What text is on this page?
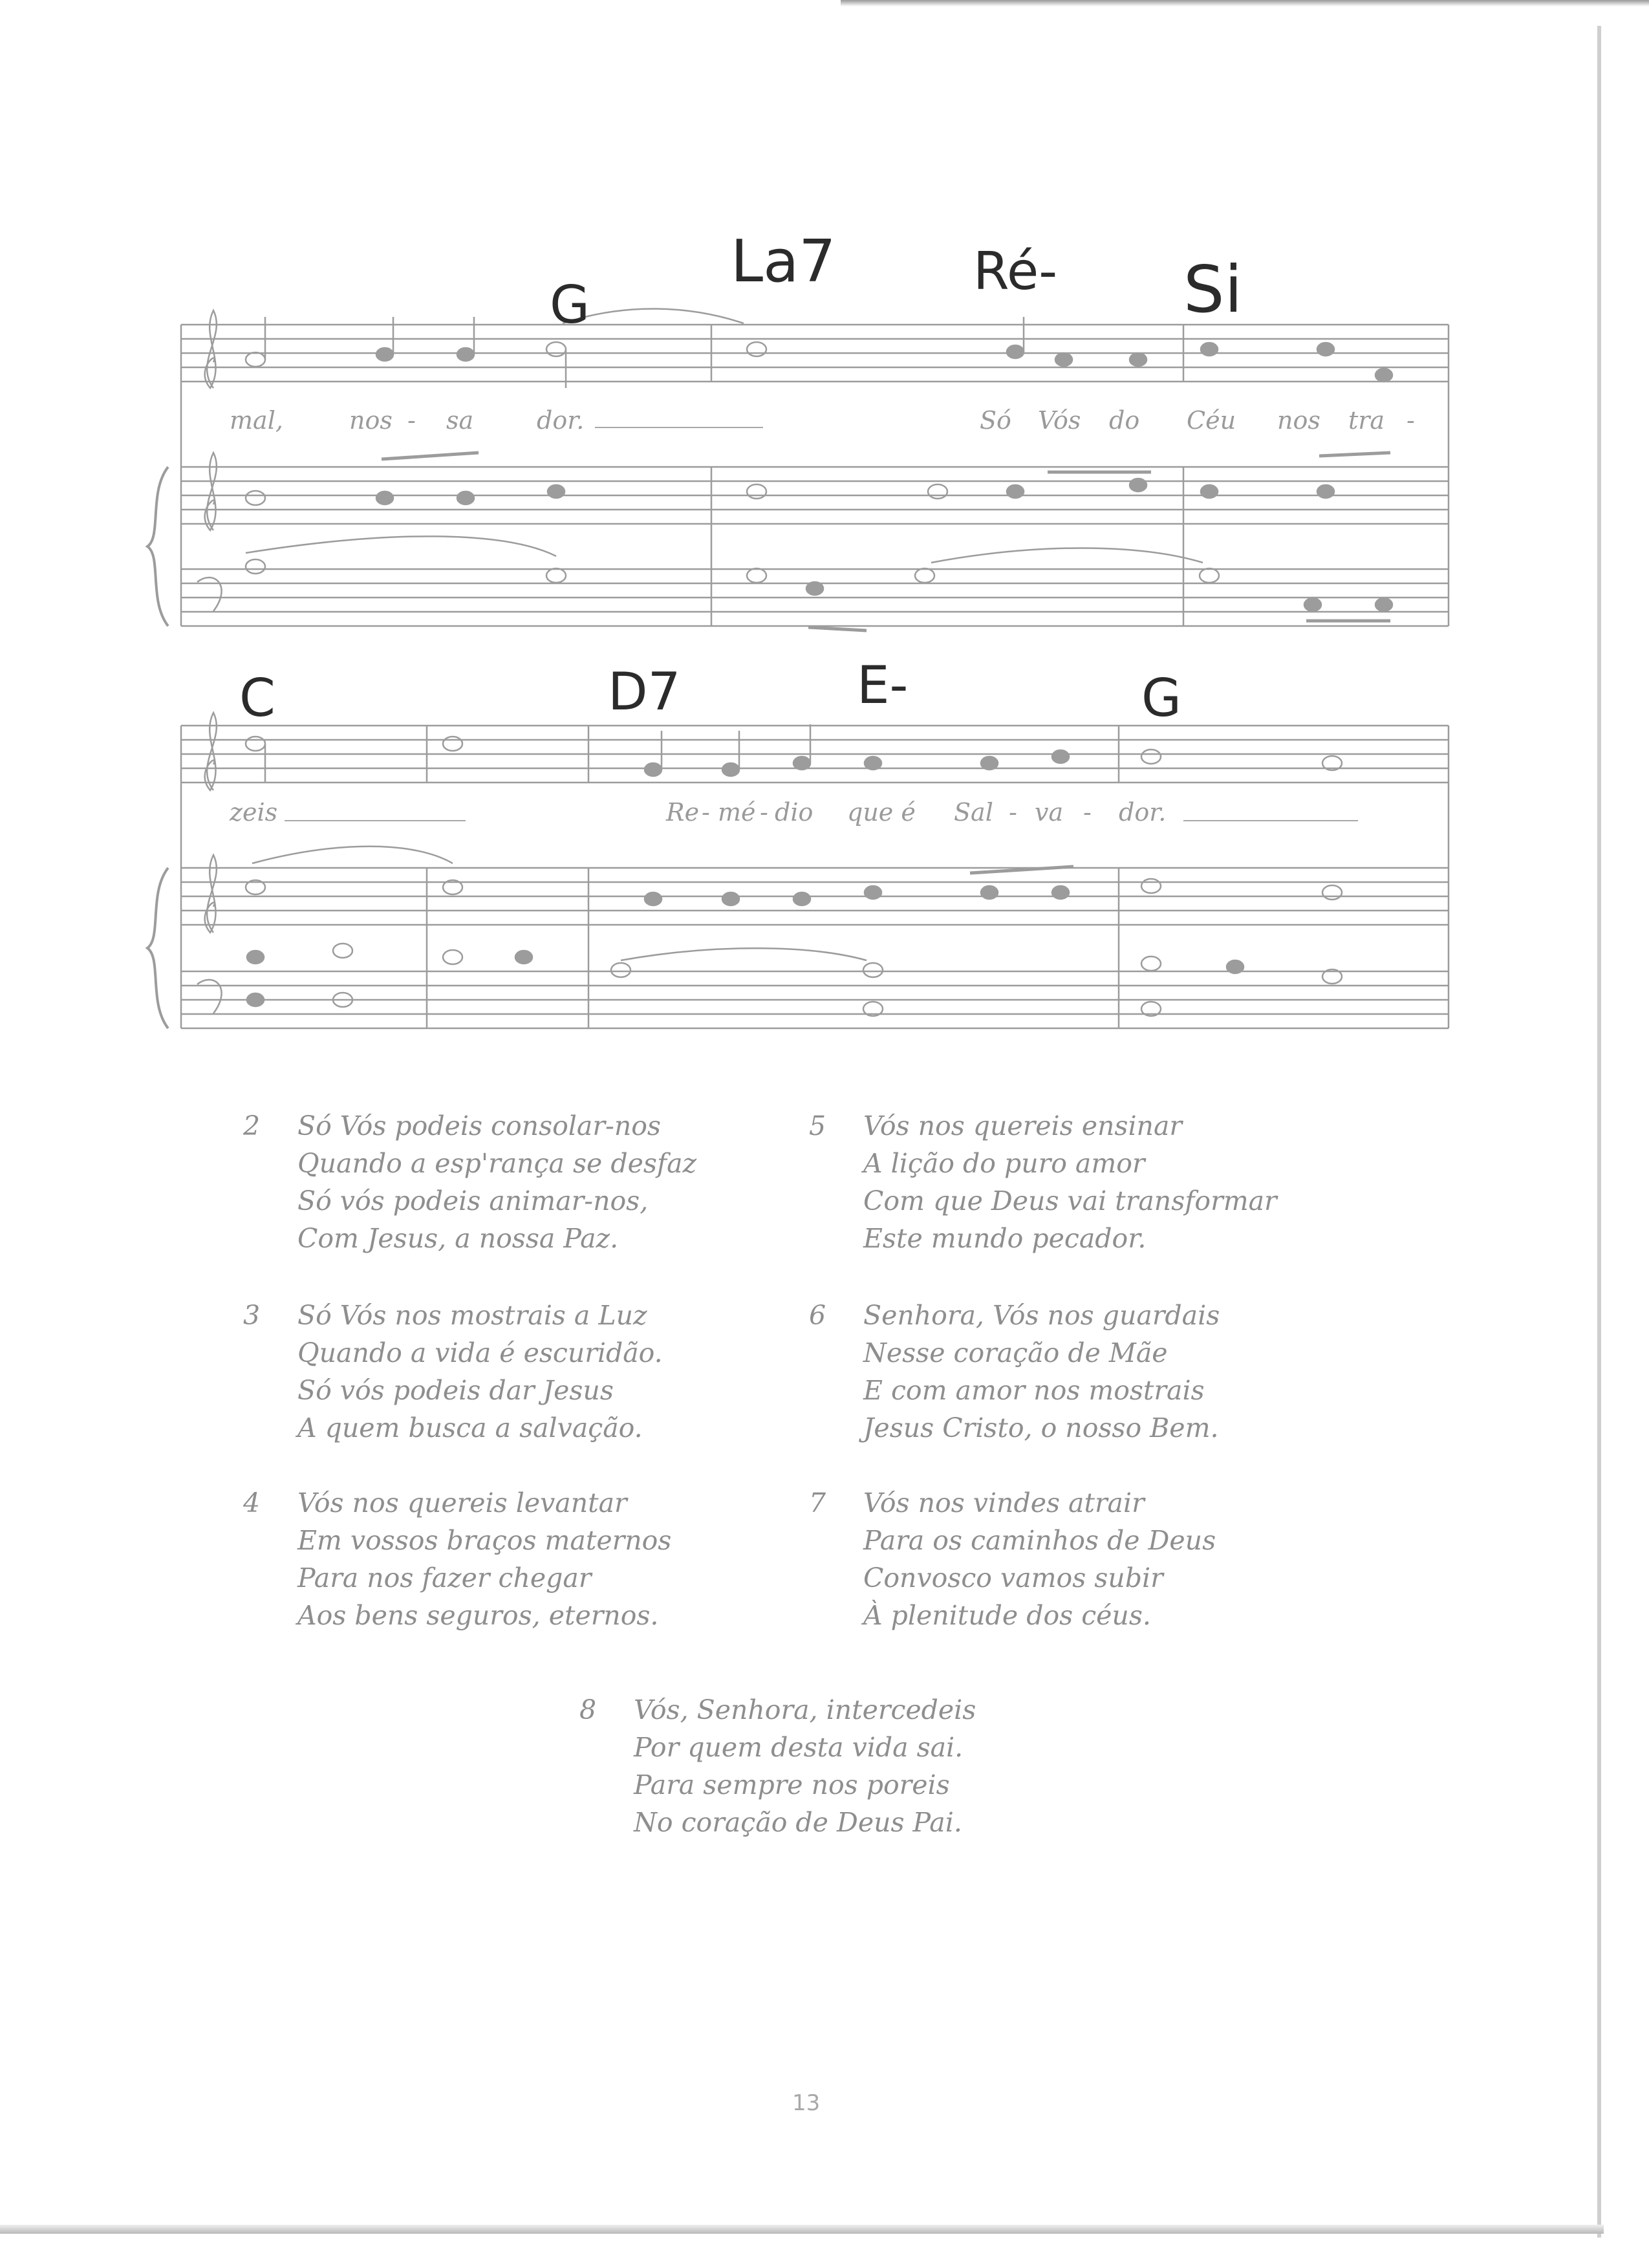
mal,	nos - sa	dor.	Só Vós do Céu nos tra -
G
La7	Ré- Si
zeis	Re - mé - dio que é Sal - va - dor.
C	D7	E-	G
2 Só Vós podeis consolar-nos
Quando a esp'rança se desfaz
Só vós podeis animar-nos,
Com Jesus, a nossa Paz.
3 Só Vós nos mostrais a Luz
Quando a vida é escuridão.
Só vós podeis dar Jesus
A quem busca a salvação.
4 Vós nos quereis levantar
Em vossos braços maternos
Para nos fazer chegar
Aos bens seguros, eternos.
5 Vós nos quereis ensinar
A lição do puro amor
Com que Deus vai transformar
Este mundo pecador.
6 Senhora, Vós nos guardais
Nesse coração de Mãe
E com amor nos mostrais
Jesus Cristo, o nosso Bem.
7 Vós nos vindes atrair
Para os caminhos de Deus
Convosco vamos subir
À plenitude dos céus.
8 Vós, Senhora, intercedeis
Por quem desta vida sai.
Para sempre nos poreis
No coração de Deus Pai.
13
